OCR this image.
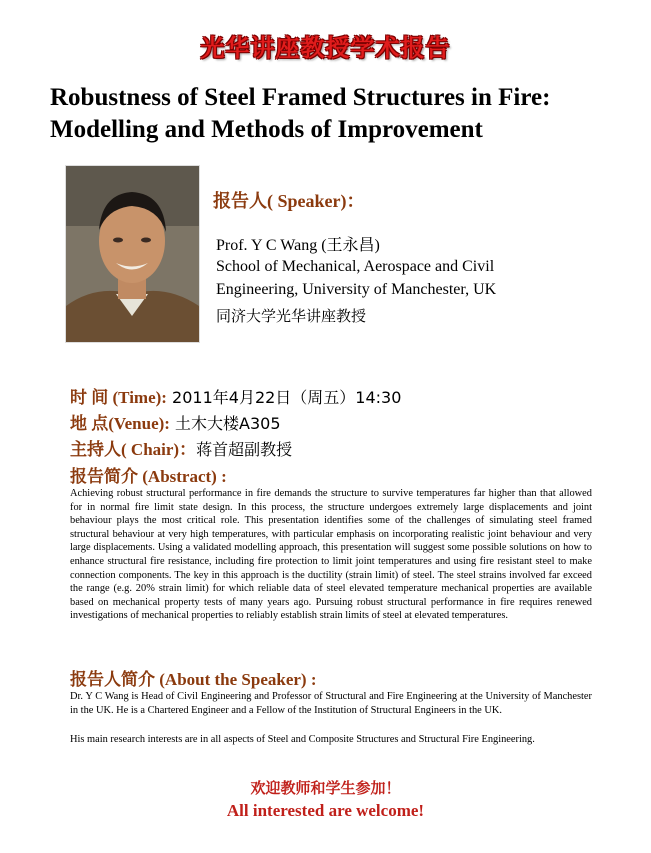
光华讲座教授学术报告
Robustness of Steel Framed Structures in Fire:
Modelling and Methods of Improvement
报告人( Speaker)：
Prof. Y C Wang (王永昌)
School of Mechanical, Aerospace and Civil
Engineering, University of Manchester, UK
同济大学光华讲座教授
时 间 (Time): 2011年4月22日（周五）14:30
地 点(Venue): 土木大楼A305
主持人( Chair)：蒋首超副教授
报告简介 (Abstract) :
Achieving robust structural performance in fire demands the structure to survive temperatures far higher than that allowed for in normal fire limit state design. In this process, the structure undergoes extremely large displacements and joint behaviour plays the most critical role. This presentation identifies some of the challenges of simulating steel framed structural behaviour at very high temperatures, with particular emphasis on incorporating realistic joint behaviour and very large displacements. Using a validated modelling approach, this presentation will suggest some possible solutions on how to enhance structural fire resistance, including fire protection to limit joint temperatures and using fire resistant steel to make connection components. The key in this approach is the ductility (strain limit) of steel. The steel strains involved far exceed the range (e.g. 20% strain limit) for which reliable data of steel elevated temperature mechanical properties are available based on mechanical property tests of many years ago. Pursuing robust structural performance in fire requires renewed investigations of mechanical properties to reliably establish strain limits of steel at elevated temperatures.
报告人简介 (About the Speaker) :
Dr. Y C Wang is Head of Civil Engineering and Professor of Structural and Fire Engineering at the University of Manchester in the UK. He is a Chartered Engineer and a Fellow of the Institution of Structural Engineers in the UK.
His main research interests are in all aspects of Steel and Composite Structures and Structural Fire Engineering.
欢迎教师和学生参加！
All interested are welcome!
